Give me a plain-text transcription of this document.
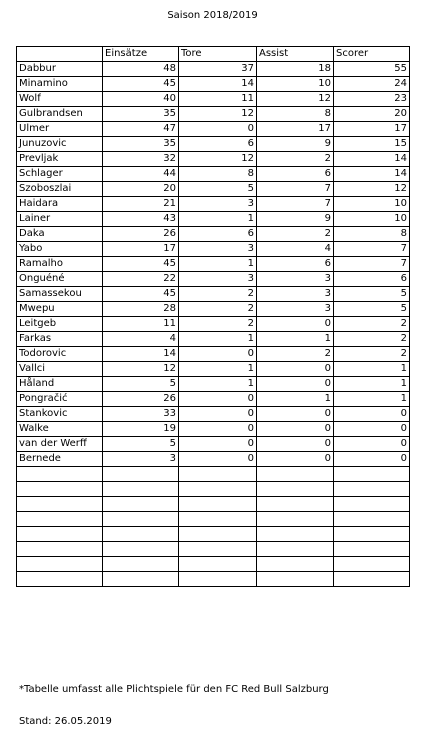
Saison 2018/2019
	Einsätze	Tore	Assist	Scorer
Dabbur	48	37	18	55
Minamino	45	14	10	24
Wolf	40	11	12	23
Gulbrandsen	35	12	8	20
Ulmer	47	0	17	17
Junuzovic	35	6	9	15
Prevljak	32	12	2	14
Schlager	44	8	6	14
Szoboszlai	20	5	7	12
Haidara	21	3	7	10
Lainer	43	1	9	10
Daka	26	6	2	8
Yabo	17	3	4	7
Ramalho	45	1	6	7
Onguéné	22	3	3	6
Samassekou	45	2	3	5
Mwepu	28	2	3	5
Leitgeb	11	2	0	2
Farkas	4	1	1	2
Todorovic	14	0	2	2
Vallci	12	1	0	1
Håland	5	1	0	1
Pongračić	26	0	1	1
Stankovic	33	0	0	0
Walke	19	0	0	0
van der Werff	5	0	0	0
Bernede	3	0	0	0

*Tabelle umfasst alle Plichtspiele für den FC Red Bull Salzburg
Stand: 26.05.2019
